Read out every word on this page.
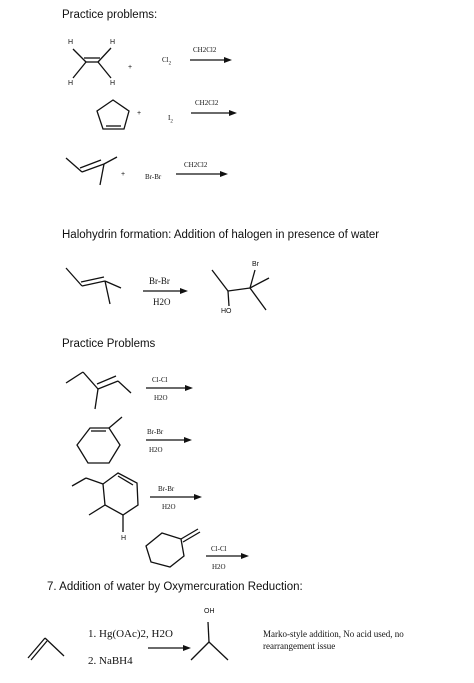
Practice problems:
Halohydrin formation: Addition of halogen in presence of water
Practice Problems
7. Addition of water by Oxymercuration Reduction:
H	H
H	H
+
$Cl_2$
CH2Cl2
+
$I_2$
CH2Cl2
+	Br-Br
CH2Cl2
Br-Br
H2O
Br
HO
Cl-Cl
H2O
Br-Br
H2O
Br-Br
H2O
H
Cl-Cl
H2O
1. Hg(OAc)2, H2O
2. NaBH4
OH
Marko-style addition, No acid used, no
rearrangement issue
